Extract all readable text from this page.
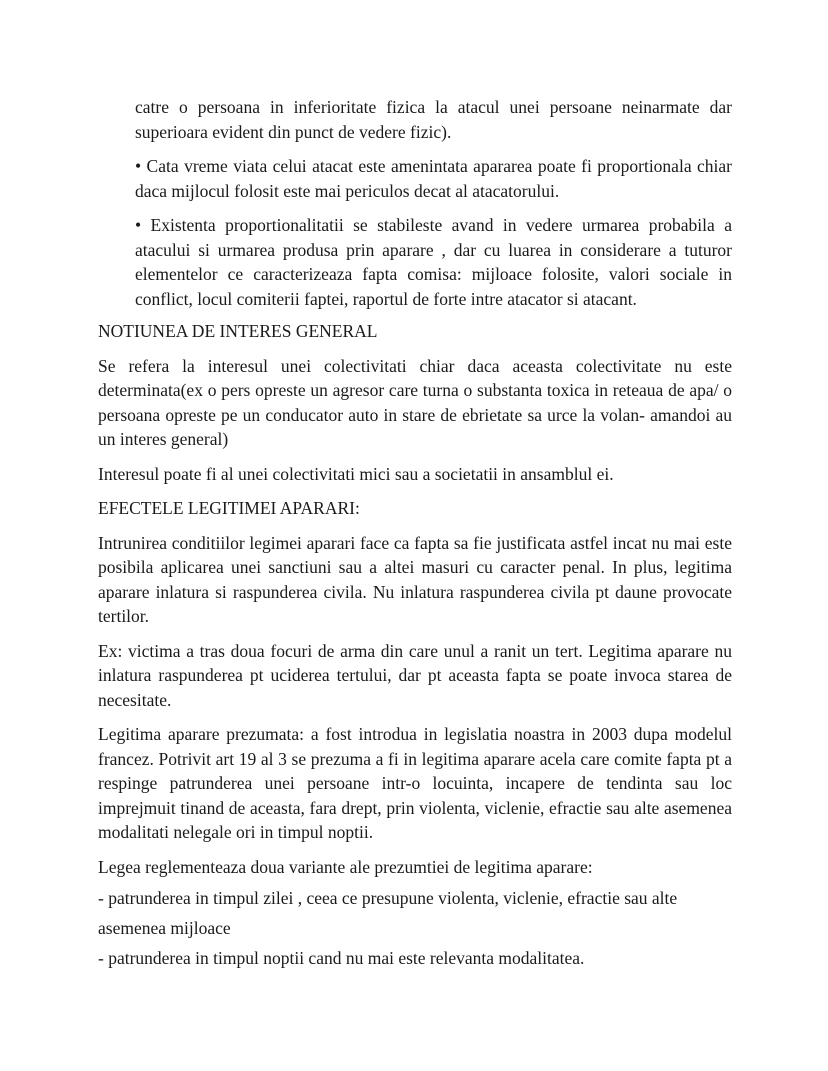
catre o persoana in inferioritate fizica la atacul unei persoane neinarmate dar superioara evident din punct de vedere fizic).

• Cata vreme viata celui atacat este amenintata apararea poate fi proportionala chiar daca mijlocul folosit este mai periculos decat al atacatorului.

• Existenta proportionalitatii se stabileste avand in vedere urmarea probabila a atacului si urmarea produsa prin aparare , dar cu luarea in considerare a tuturor elementelor ce caracterizeaza fapta comisa: mijloace folosite, valori sociale in conflict, locul comiterii faptei, raportul de forte intre atacator si atacant.

NOTIUNEA DE INTERES GENERAL

Se refera la interesul unei colectivitati chiar daca aceasta colectivitate nu este determinata(ex o pers opreste un agresor care turna o substanta toxica in reteaua de apa/ o persoana opreste pe un conducator auto in stare de ebrietate sa urce la volan- amandoi au un interes general)

Interesul poate fi al unei colectivitati mici sau a societatii in ansamblul ei.

EFECTELE LEGITIMEI APARARI:

Intrunirea conditiilor legimei aparari face ca fapta sa fie justificata astfel incat nu mai este posibila aplicarea unei sanctiuni sau a altei masuri cu caracter penal. In plus, legitima aparare inlatura si raspunderea civila. Nu inlatura raspunderea civila pt daune provocate tertilor.

Ex: victima a tras doua focuri de arma din care unul a ranit un tert. Legitima aparare nu inlatura raspunderea pt uciderea tertului, dar pt aceasta fapta se poate invoca starea de necesitate.

Legitima aparare prezumata: a fost introdua in legislatia noastra in 2003 dupa modelul francez. Potrivit art 19 al 3 se prezuma a fi in legitima aparare acela care comite fapta pt a respinge patrunderea unei persoane intr-o locuinta, incapere de tendinta sau loc imprejmuit tinand de aceasta, fara drept, prin violenta, viclenie, efractie sau alte asemenea modalitati nelegale ori in timpul noptii.

Legea reglementeaza doua variante ale prezumtiei de legitima aparare:

- patrunderea in timpul zilei , ceea ce presupune violenta, viclenie, efractie sau alte

asemenea mijloace

- patrunderea in timpul noptii cand nu mai este relevanta modalitatea.
